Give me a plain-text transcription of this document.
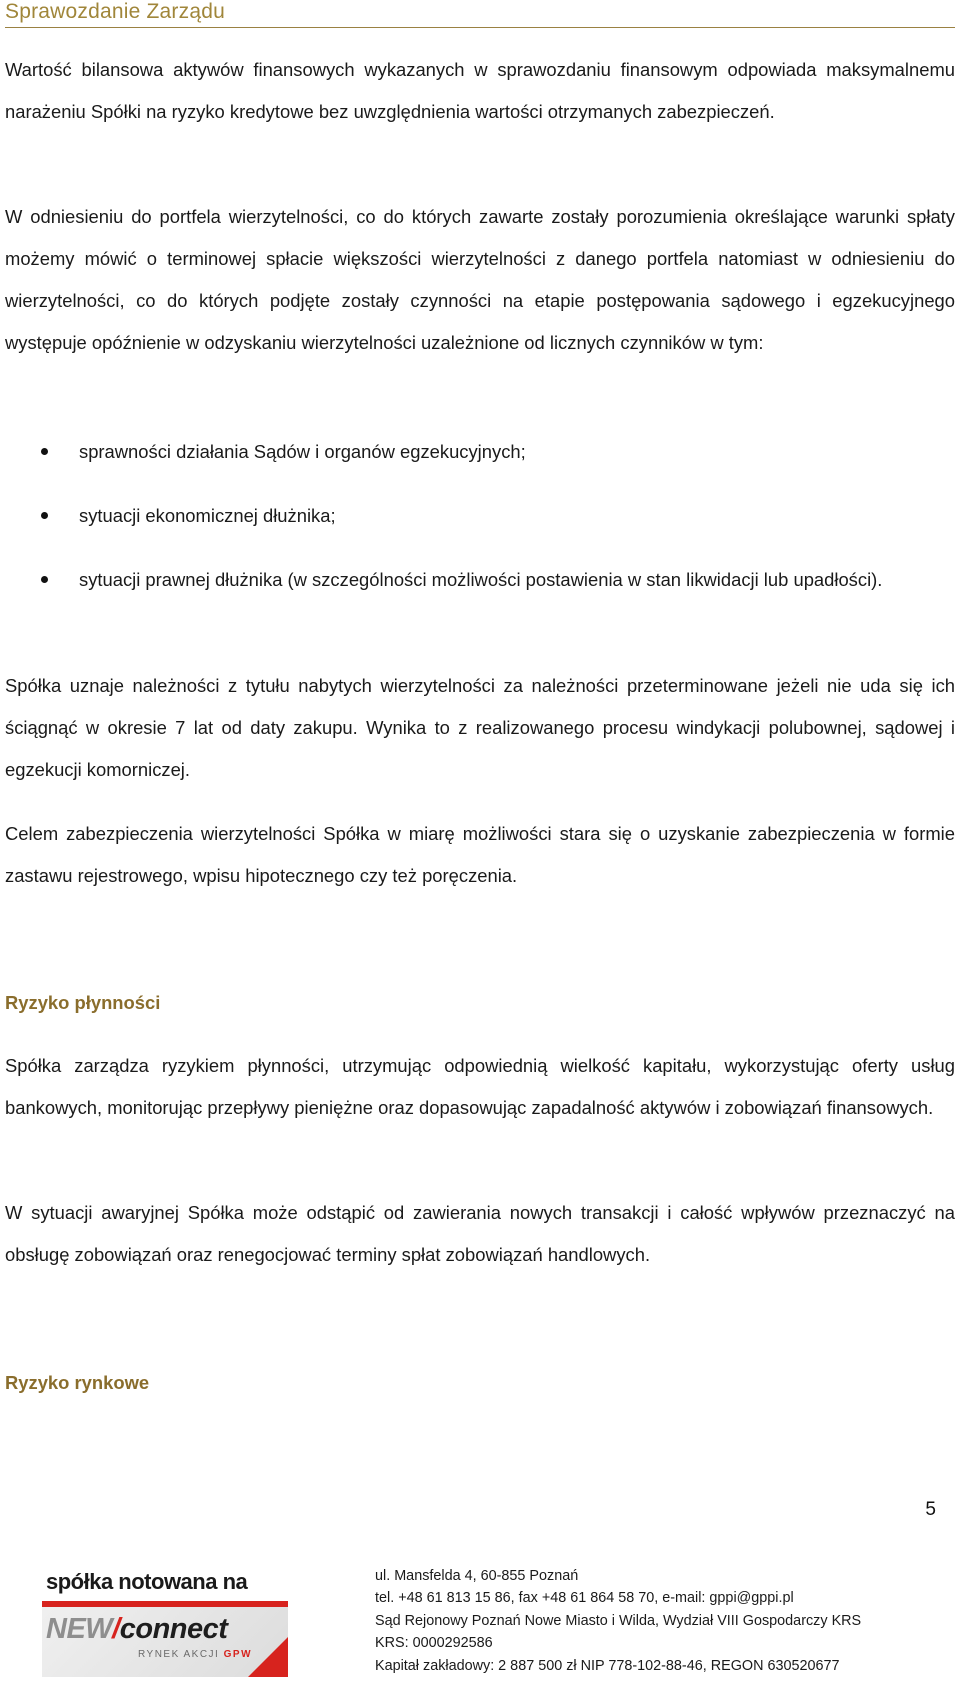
Sprawozdanie Zarządu

Wartość bilansowa aktywów finansowych wykazanych w sprawozdaniu finansowym odpowiada maksymalnemu narażeniu Spółki na ryzyko kredytowe bez uwzględnienia wartości otrzymanych zabezpieczeń.

W odniesieniu do portfela wierzytelności, co do których zawarte zostały porozumienia określające warunki spłaty możemy mówić o terminowej spłacie większości wierzytelności z danego portfela natomiast w odniesieniu do wierzytelności, co do których podjęte zostały czynności na etapie postępowania sądowego i egzekucyjnego występuje opóźnienie w odzyskaniu wierzytelności uzależnione od licznych czynników w tym:

sprawności działania Sądów i organów egzekucyjnych;
sytuacji ekonomicznej dłużnika;
sytuacji prawnej dłużnika (w szczególności możliwości postawienia w stan likwidacji lub upadłości).

Spółka uznaje należności z tytułu nabytych wierzytelności za należności przeterminowane jeżeli nie uda się ich ściągnąć w okresie 7 lat od daty zakupu. Wynika to z realizowanego procesu windykacji polubownej, sądowej i egzekucji komorniczej.

Celem zabezpieczenia wierzytelności Spółka w miarę możliwości stara się o uzyskanie zabezpieczenia w formie zastawu rejestrowego, wpisu hipotecznego czy też poręczenia.

Ryzyko płynności

Spółka zarządza ryzykiem płynności, utrzymując odpowiednią wielkość kapitału, wykorzystując oferty usług bankowych, monitorując przepływy pieniężne oraz dopasowując zapadalność aktywów i zobowiązań finansowych.

W sytuacji awaryjnej Spółka może odstąpić od zawierania nowych transakcji i całość wpływów przeznaczyć na obsługę zobowiązań oraz renegocjować terminy spłat zobowiązań handlowych.

Ryzyko rynkowe
5
spółka notowana na
NEW/connect
RYNEK AKCJI GPW
ul. Mansfelda 4, 60-855 Poznań
tel. +48 61 813 15 86, fax +48 61 864 58 70, e-mail: gppi@gppi.pl
Sąd Rejonowy Poznań Nowe Miasto i Wilda, Wydział VIII Gospodarczy KRS
KRS: 0000292586
Kapitał zakładowy: 2 887 500 zł NIP 778-102-88-46, REGON 630520677
